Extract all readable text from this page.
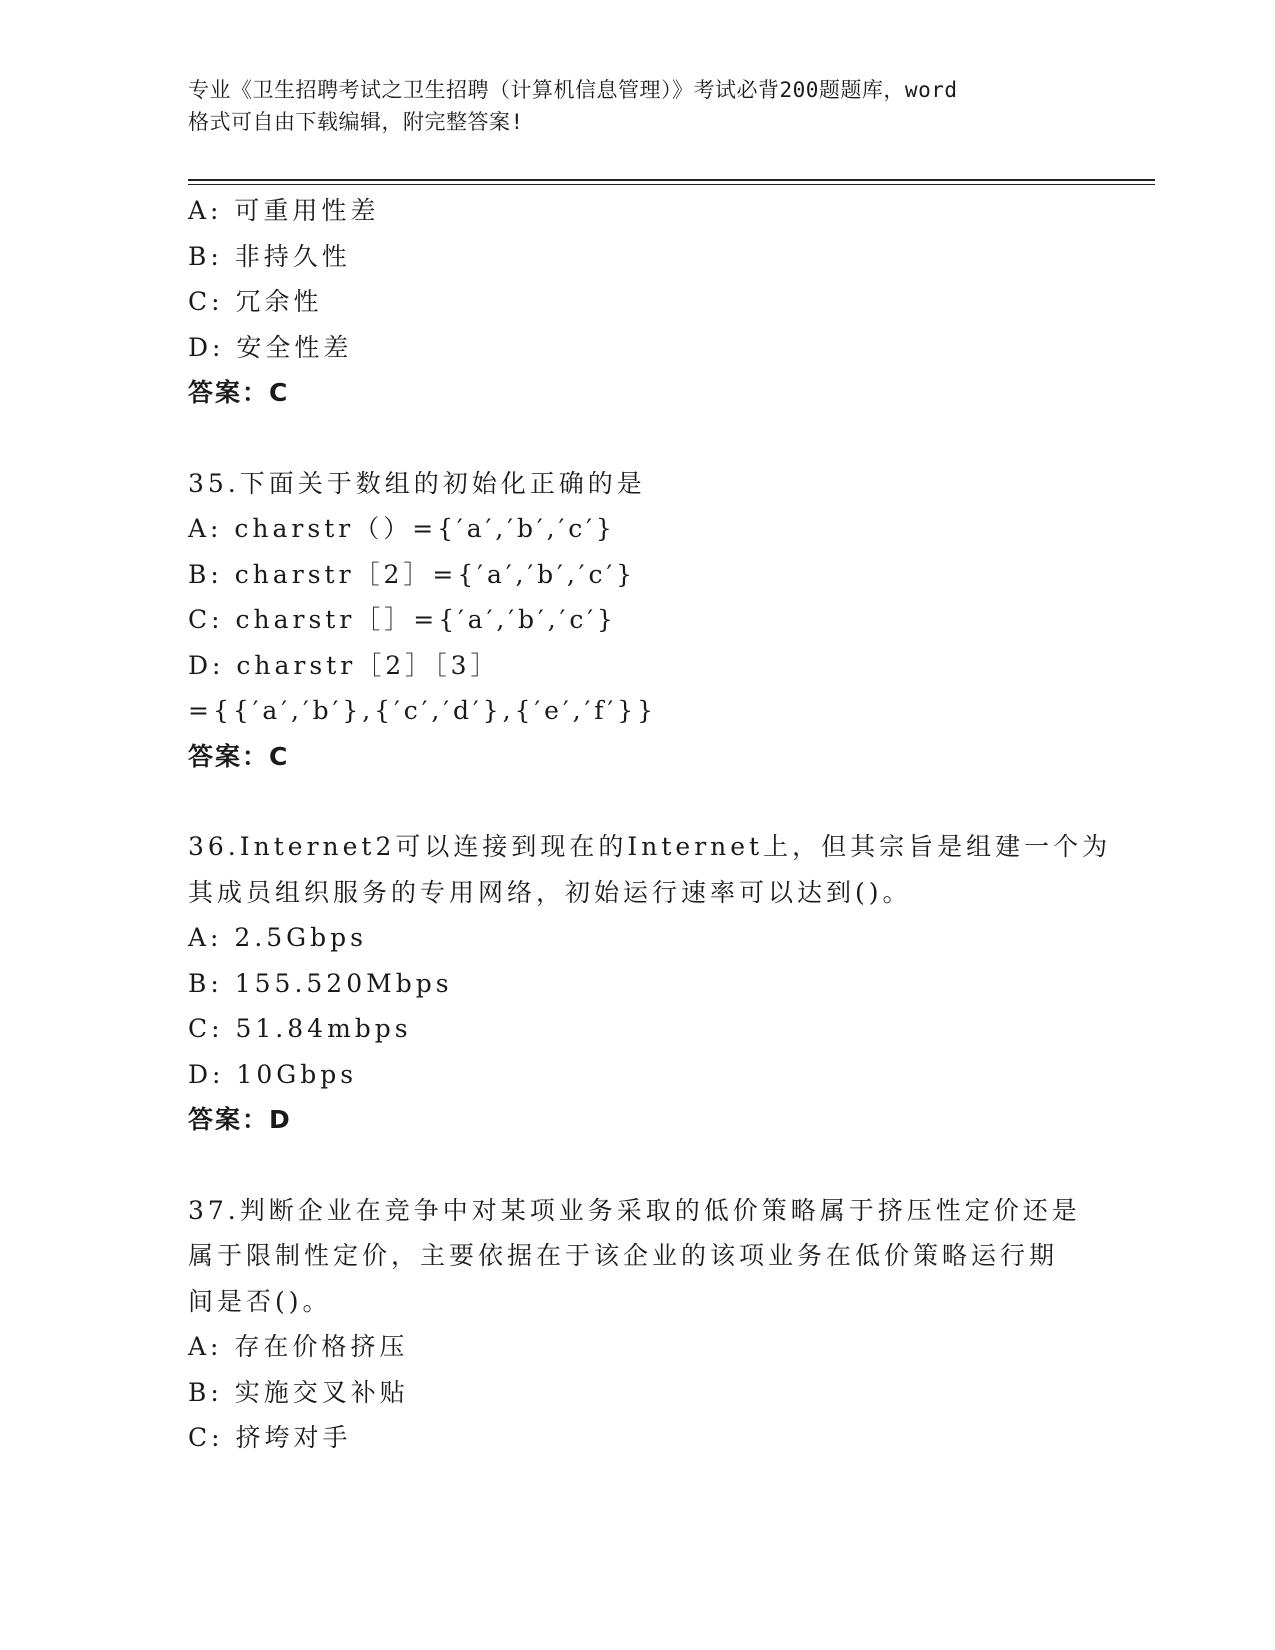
专业《卫生招聘考试之卫生招聘（计算机信息管理）》考试必背200题题库，word
格式可自由下载编辑，附完整答案!
A: 可重用性差
B: 非持久性
C: 冗余性
D: 安全性差
答案：C
35.下面关于数组的初始化正确的是
A: charstr（）={′a′,′b′,′c′}
B: charstr［2］={′a′,′b′,′c′}
C: charstr［］={′a′,′b′,′c′}
D: charstr［2］［3］
={{′a′,′b′},{′c′,′d′},{′e′,′f′}}
答案：C
36.Internet2可以连接到现在的Internet上，但其宗旨是组建一个为
其成员组织服务的专用网络，初始运行速率可以达到()。
A: 2.5Gbps
B: 155.520Mbps
C: 51.84mbps
D: 10Gbps
答案：D
37.判断企业在竞争中对某项业务采取的低价策略属于挤压性定价还是
属于限制性定价，主要依据在于该企业的该项业务在低价策略运行期
间是否()。
A: 存在价格挤压
B: 实施交叉补贴
C: 挤垮对手
